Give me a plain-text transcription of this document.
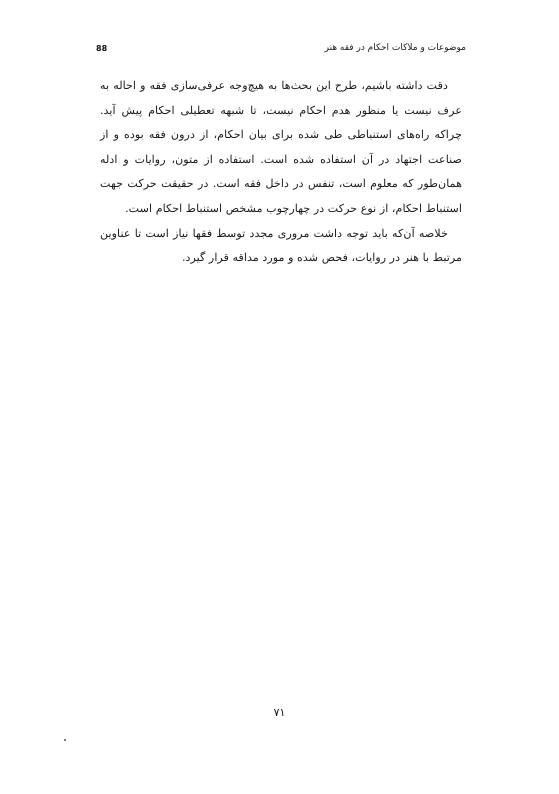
موضوعات و ملاکات احکام در فقه هنر
88

دقت داشته باشیم، طرح این بحث‌ها به هیچ‌وجه عرفی‌سازی فقه و احاله به عرف نیست یا منظور هدم احکام نیست، تا شبهه تعطیلی احکام پیش آید. چراکه راه‌های استنباطی طی شده برای بیان احکام، از درون فقه بوده و از صناعت اجتهاد در آن استفاده شده است. استفاده از متون، روایات و ادله همان‌طور که معلوم است، تنفس در داخل فقه است. در حقیقت حرکت جهت استنباط احکام، از نوع حرکت در چهارچوب مشخص استنباط احکام است.

خلاصه آن‌که باید توجه داشت مروری مجدد توسط فقها نیاز است تا عناوین مرتبط با هنر در روایات، فحص شده و مورد مداقه قرار گیرد.

۷۱
